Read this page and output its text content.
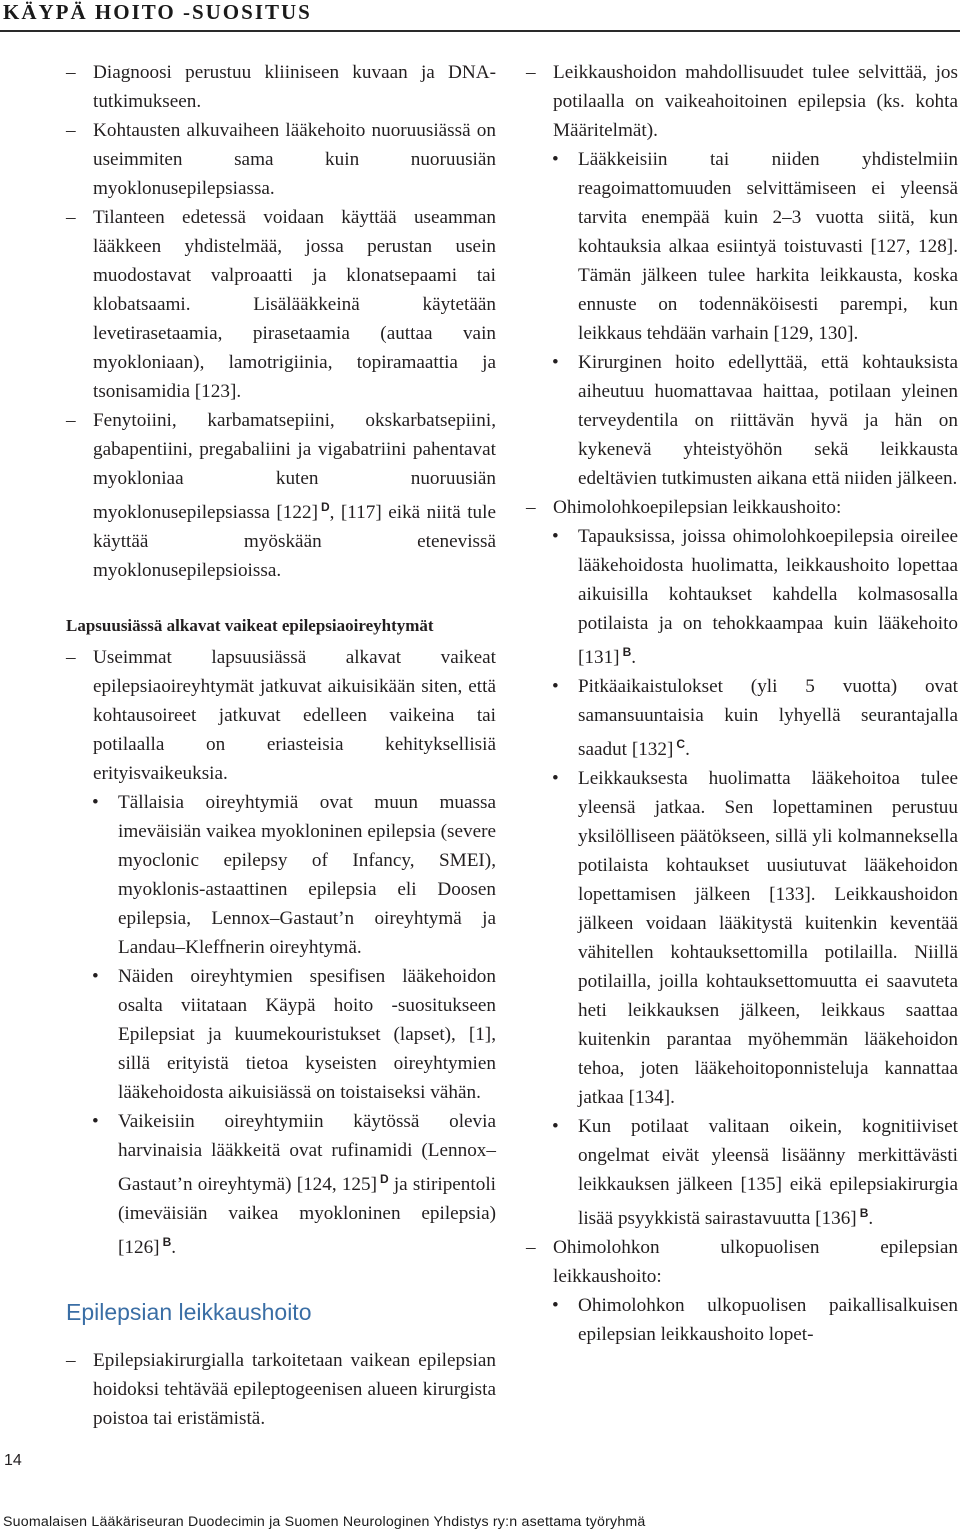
KÄYPÄ HOITO -SUOSITUS

– Diagnoosi perustuu kliiniseen kuvaan ja DNA-tutkimukseen.

– Kohtausten alkuvaiheen lääkehoito nuoruusiässä on useimmiten sama kuin nuoruusiän myoklonusepilepsiassa.

– Tilanteen edetessä voidaan käyttää useamman lääkkeen yhdistelmää, jossa perustan usein muodostavat valproaatti ja klonatsepaami tai klobatsaami. Lisälääkkeinä käytetään levetirasetaamia, pirasetaamia (auttaa vain myokloniaan), lamotrigiinia, topiramaattia ja tsonisamidia [123].

– Fenytoiini, karbamatsepiini, okskarbatsepiini, gabapentiini, pregabaliini ja vigabatriini pahentavat myokloniaa kuten nuoruusiän myoklonusepilepsiassa [122] $^D$, [117] eikä niitä tule käyttää myöskään etenevissä myoklonusepilepsioissa.

Lapsuusiässä alkavat vaikeat epilepsiaoireyhtymät

– Useimmat lapsuusiässä alkavat vaikeat epilepsiaoireyhtymät jatkuvat aikuisikään siten, että kohtausoireet jatkuvat edelleen vaikeina tai potilaalla on eriasteisia kehityksellisiä erityisvaikeuksia.

• Tällaisia oireyhtymiä ovat muun muassa imeväisiän vaikea myokloninen epilepsia (severe myoclonic epilepsy of Infancy, SMEI), myoklonis-astaattinen epilepsia eli Doosen epilepsia, Lennox–Gastaut’n oireyhtymä ja Landau–Kleffnerin oireyhtymä.

• Näiden oireyhtymien spesifisen lääkehoidon osalta viitataan Käypä hoito -suositukseen Epilepsiat ja kuumekouristukset (lapset), [1], sillä erityistä tietoa kyseisten oireyhtymien lääkehoidosta aikuisiässä on toistaiseksi vähän.

• Vaikeisiin oireyhtymiin käytössä olevia harvinaisia lääkkeitä ovat rufinamidi (Lennox–Gastaut’n oireyhtymä) [124, 125] $^D$ ja stiripentoli (imeväisiän vaikea myokloninen epilepsia) [126] $^B$.

Epilepsian leikkaushoito

– Epilepsiakirurgialla tarkoitetaan vaikean epilepsian hoidoksi tehtävää epileptogeenisen alueen kirurgista poistoa tai eristämistä.

– Leikkaushoidon mahdollisuudet tulee selvittää, jos potilaalla on vaikeahoitoinen epilepsia (ks. kohta Määritelmät).

• Lääkkeisiin tai niiden yhdistelmiin reagoimattomuuden selvittämiseen ei yleensä tarvita enempää kuin 2–3 vuotta siitä, kun kohtauksia alkaa esiintyä toistuvasti [127, 128]. Tämän jälkeen tulee harkita leikkausta, koska ennuste on todennäköisesti parempi, kun leikkaus tehdään varhain [129, 130].

• Kirurginen hoito edellyttää, että kohtauksista aiheutuu huomattavaa haittaa, potilaan yleinen terveydentila on riittävän hyvä ja hän on kykenevä yhteistyöhön sekä leikkausta edeltävien tutkimusten aikana että niiden jälkeen.

– Ohimolohkoepilepsian leikkaushoito:

• Tapauksissa, joissa ohimolohkoepilepsia oireilee lääkehoidosta huolimatta, leikkaushoito lopettaa aikuisilla kohtaukset kahdella kolmasosalla potilaista ja on tehokkaampaa kuin lääkehoito [131] $^B$.

• Pitkäaikaistulokset (yli 5 vuotta) ovat samansuuntaisia kuin lyhyellä seurantajalla saadut [132] $^C$.

• Leikkauksesta huolimatta lääkehoitoa tulee yleensä jatkaa. Sen lopettaminen perustuu yksilölliseen päätökseen, sillä yli kolmanneksella potilaista kohtaukset uusiutuvat lääkehoidon lopettamisen jälkeen [133]. Leikkaushoidon jälkeen voidaan lääkitystä kuitenkin keventää vähitellen kohtauksettomilla potilailla. Niillä potilailla, joilla kohtauksettomuutta ei saavuteta heti leikkauksen jälkeen, leikkaus saattaa kuitenkin parantaa myöhemmän lääkehoidon tehoa, joten lääkehoitoponnisteluja kannattaa jatkaa [134].

• Kun potilaat valitaan oikein, kognitiiviset ongelmat eivät yleensä lisäänny merkittävästi leikkauksen jälkeen [135] eikä epilepsiakirurgia lisää psyykkistä sairastavuutta [136] $^B$.

– Ohimolohkon ulkopuolisen epilepsian leikkaushoito:

• Ohimolohkon ulkopuolisen paikallisalkuisen epilepsian leikkaushoito lopet-

14
Suomalaisen Lääkäriseuran Duodecimin ja Suomen Neurologinen Yhdistys ry:n asettama työryhmä
